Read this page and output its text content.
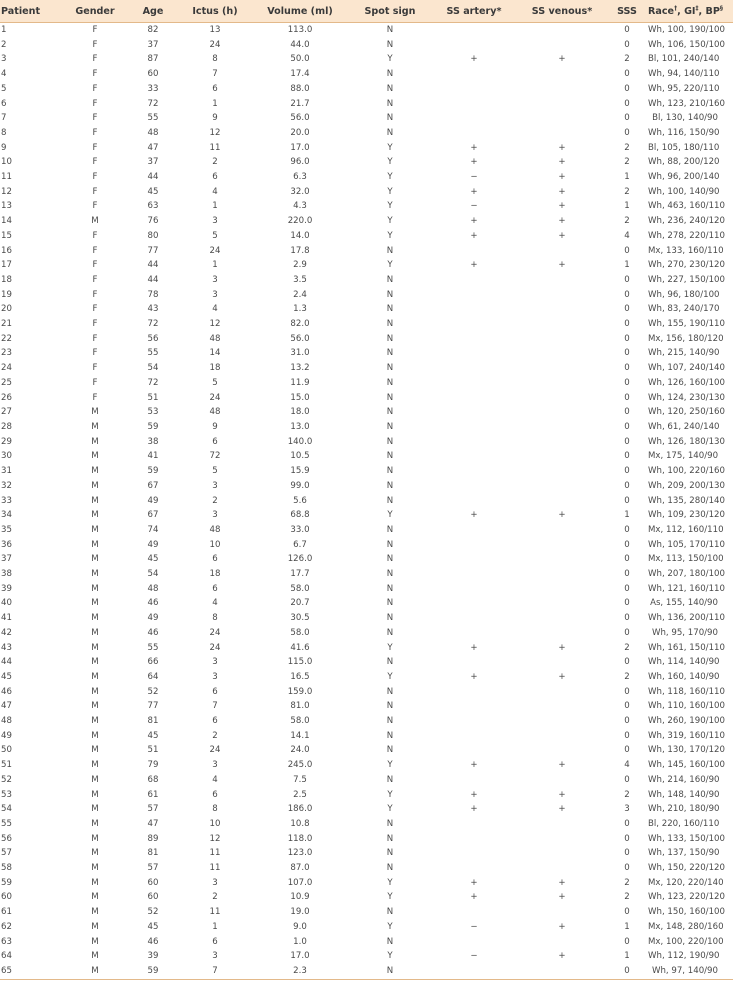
Patient	Gender	Age	Ictus (h)	Volume (ml)	Spot sign	SS artery*	SS venous*	SSS	Race†, GI‡, BP§
1	F	82	13	113.0	N			0	Wh, 100, 190/100
2	F	37	24	44.0	N			0	Wh, 106, 150/100
3	F	87	8	50.0	Y	+	+	2	Bl, 101, 240/140
4	F	60	7	17.4	N			0	Wh, 94, 140/110
5	F	33	6	88.0	N			0	Wh, 95, 220/110
6	F	72	1	21.7	N			0	Wh, 123, 210/160
7	F	55	9	56.0	N			0	Bl, 130, 140/90
8	F	48	12	20.0	N			0	Wh, 116, 150/90
9	F	47	11	17.0	Y	+	+	2	Bl, 105, 180/110
10	F	37	2	96.0	Y	+	+	2	Wh, 88, 200/120
11	F	44	6	6.3	Y	−	+	1	Wh, 96, 200/140
12	F	45	4	32.0	Y	+	+	2	Wh, 100, 140/90
13	F	63	1	4.3	Y	−	+	1	Wh, 463, 160/110
14	M	76	3	220.0	Y	+	+	2	Wh, 236, 240/120
15	F	80	5	14.0	Y	+	+	4	Wh, 278, 220/110
16	F	77	24	17.8	N			0	Mx, 133, 160/110
17	F	44	1	2.9	Y	+	+	1	Wh, 270, 230/120
18	F	44	3	3.5	N			0	Wh, 227, 150/100
19	F	78	3	2.4	N			0	Wh, 96, 180/100
20	F	43	4	1.3	N			0	Wh, 83, 240/170
21	F	72	12	82.0	N			0	Wh, 155, 190/110
22	F	56	48	56.0	N			0	Mx, 156, 180/120
23	F	55	14	31.0	N			0	Wh, 215, 140/90
24	F	54	18	13.2	N			0	Wh, 107, 240/140
25	F	72	5	11.9	N			0	Wh, 126, 160/100
26	F	51	24	15.0	N			0	Wh, 124, 230/130
27	M	53	48	18.0	N			0	Wh, 120, 250/160
28	M	59	9	13.0	N			0	Wh, 61, 240/140
29	M	38	6	140.0	N			0	Wh, 126, 180/130
30	M	41	72	10.5	N			0	Mx, 175, 140/90
31	M	59	5	15.9	N			0	Wh, 100, 220/160
32	M	67	3	99.0	N			0	Wh, 209, 200/130
33	M	49	2	5.6	N			0	Wh, 135, 280/140
34	M	67	3	68.8	Y	+	+	1	Wh, 109, 230/120
35	M	74	48	33.0	N			0	Mx, 112, 160/110
36	M	49	10	6.7	N			0	Wh, 105, 170/110
37	M	45	6	126.0	N			0	Mx, 113, 150/100
38	M	54	18	17.7	N			0	Wh, 207, 180/100
39	M	48	6	58.0	N			0	Wh, 121, 160/110
40	M	46	4	20.7	N			0	As, 155, 140/90
41	M	49	8	30.5	N			0	Wh, 136, 200/110
42	M	46	24	58.0	N			0	Wh, 95, 170/90
43	M	55	24	41.6	Y	+	+	2	Wh, 161, 150/110
44	M	66	3	115.0	N			0	Wh, 114, 140/90
45	M	64	3	16.5	Y	+	+	2	Wh, 160, 140/90
46	M	52	6	159.0	N			0	Wh, 118, 160/110
47	M	77	7	81.0	N			0	Wh, 110, 160/100
48	M	81	6	58.0	N			0	Wh, 260, 190/100
49	M	45	2	14.1	N			0	Wh, 319, 160/110
50	M	51	24	24.0	N			0	Wh, 130, 170/120
51	M	79	3	245.0	Y	+	+	4	Wh, 145, 160/100
52	M	68	4	7.5	N			0	Wh, 214, 160/90
53	M	61	6	2.5	Y	+	+	2	Wh, 148, 140/90
54	M	57	8	186.0	Y	+	+	3	Wh, 210, 180/90
55	M	47	10	10.8	N			0	Bl, 220, 160/110
56	M	89	12	118.0	N			0	Wh, 133, 150/100
57	M	81	11	123.0	N			0	Wh, 137, 150/90
58	M	57	11	87.0	N			0	Wh, 150, 220/120
59	M	60	3	107.0	Y	+	+	2	Mx, 120, 220/140
60	M	60	2	10.9	Y	+	+	2	Wh, 123, 220/120
61	M	52	11	19.0	N			0	Wh, 150, 160/100
62	M	45	1	9.0	Y	−	+	1	Mx, 148, 280/160
63	M	46	6	1.0	N			0	Mx, 100, 220/100
64	M	39	3	17.0	Y	−	+	1	Wh, 112, 190/90
65	M	59	7	2.3	N			0	Wh, 97, 140/90
